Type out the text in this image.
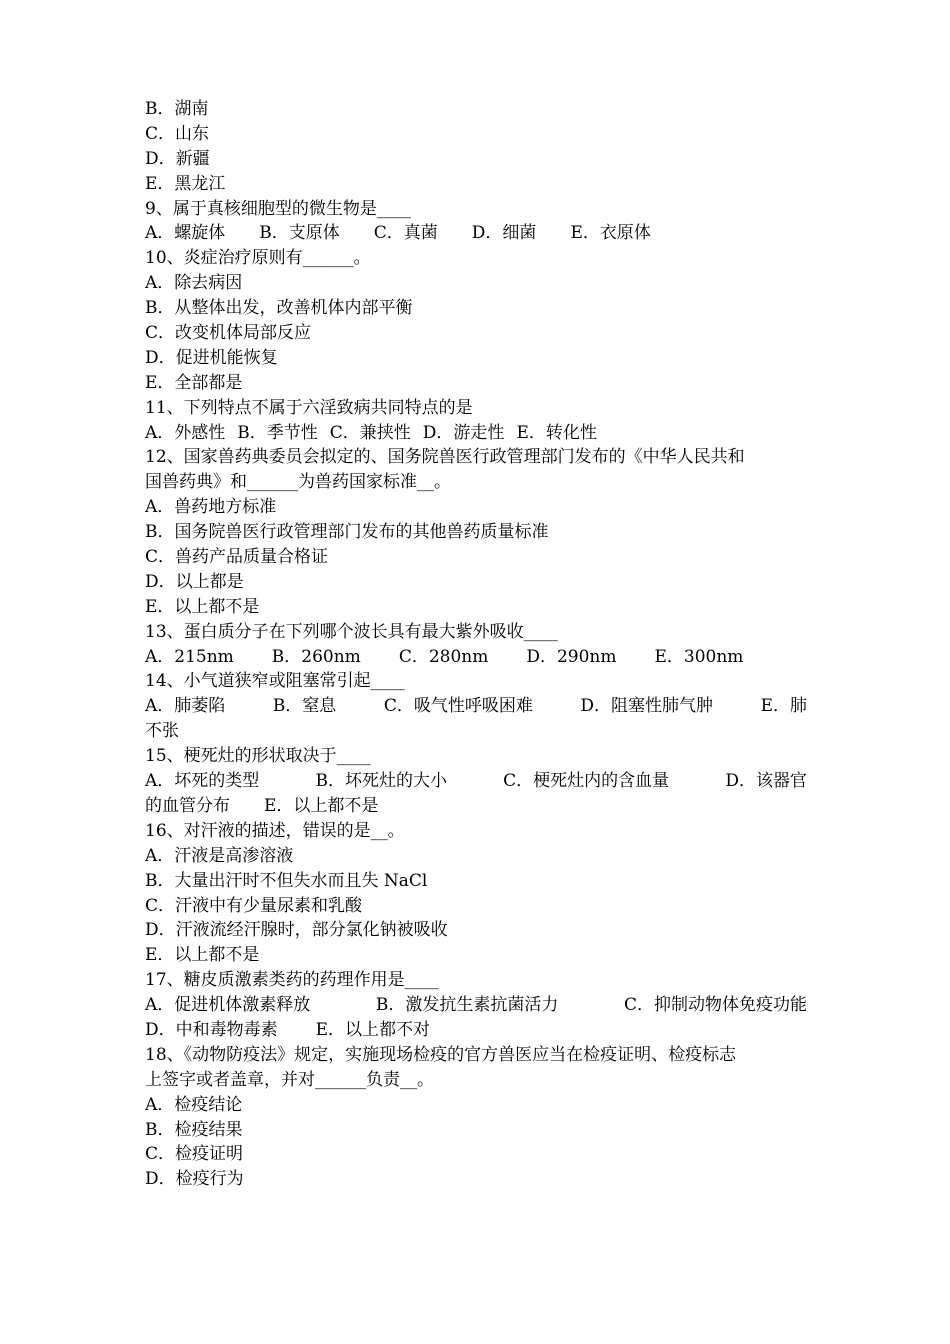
B．湖南
C．山东
D．新疆
E．黑龙江
9、属于真核细胞型的微生物是____
A．螺旋体 B．支原体 C．真菌 D．细菌 E．衣原体
10、炎症治疗原则有______。
A．除去病因
B．从整体出发，改善机体内部平衡
C．改变机体局部反应
D．促进机能恢复
E．全部都是
11、下列特点不属于六淫致病共同特点的是
A．外感性 B．季节性 C．兼挟性 D．游走性 E．转化性
12、国家兽药典委员会拟定的、国务院兽医行政管理部门发布的《中华人民共和
国兽药典》和______为兽药国家标准__。
A．兽药地方标准
B．国务院兽医行政管理部门发布的其他兽药质量标准
C．兽药产品质量合格证
D．以上都是
E．以上都不是
13、蛋白质分子在下列哪个波长具有最大紫外吸收____
A．215nm B．260nm C．280nm D．290nm E．300nm
14、小气道狭窄或阻塞常引起____
A．肺萎陷	B．窒息	C．吸气性呼吸困难	D．阻塞性肺气肿	E．肺
不张
15、梗死灶的形状取决于____
A．坏死的类型	B．坏死灶的大小	C．梗死灶内的含血量	D．该器官
的血管分布 E．以上都不是
16、对汗液的描述，错误的是__。
A．汗液是高渗溶液
B．大量出汗时不但失水而且失 NaCl
C．汗液中有少量尿素和乳酸
D．汗液流经汗腺时，部分氯化钠被吸收
E．以上都不是
17、糖皮质激素类药的药理作用是____
A．促进机体激素释放	B．激发抗生素抗菌活力	C．抑制动物体免疫功能
D．中和毒物毒素 E．以上都不对
18、《动物防疫法》规定，实施现场检疫的官方兽医应当在检疫证明、检疫标志
上签字或者盖章，并对______负责__。
A．检疫结论
B．检疫结果
C．检疫证明
D．检疫行为
